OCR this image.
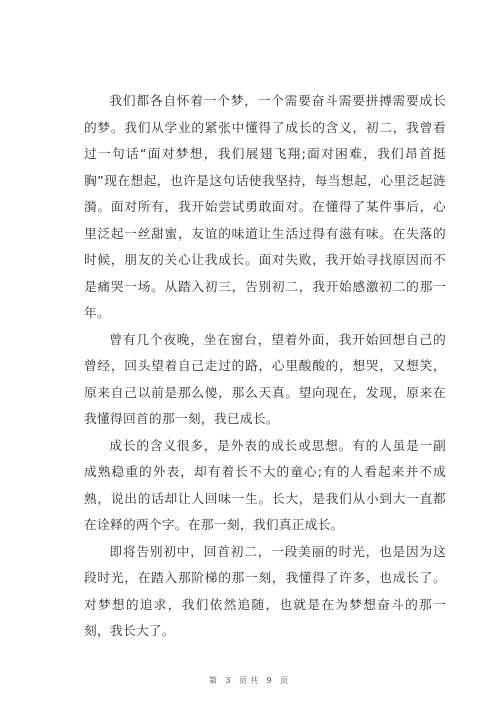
我们都各自怀着一个梦，一个需要奋斗需要拼搏需要成长的梦。我们从学业的紧张中懂得了成长的含义，初二，我曾看过一句话“面对梦想，我们展翅飞翔;面对困难，我们昂首挺胸”现在想起，也许是这句话使我坚持，每当想起，心里泛起涟漪。面对所有，我开始尝试勇敢面对。在懂得了某件事后，心里泛起一丝甜蜜，友谊的味道让生活过得有滋有味。在失落的时候，朋友的关心让我成长。面对失败，我开始寻找原因而不是痛哭一场。从踏入初三，告别初二，我开始感激初二的那一年。

曾有几个夜晚，坐在窗台，望着外面，我开始回想自己的曾经，回头望着自己走过的路，心里酸酸的，想哭，又想笑，原来自己以前是那么傻，那么天真。望向现在，发现，原来在我懂得回首的那一刻，我已成长。

成长的含义很多，是外表的成长或思想。有的人虽是一副成熟稳重的外表，却有着长不大的童心;有的人看起来并不成熟，说出的话却让人回味一生。长大，是我们从小到大一直都在诠释的两个字。在那一刻，我们真正成长。

即将告别初中，回首初二，一段美丽的时光，也是因为这段时光，在踏入那阶梯的那一刻，我懂得了许多，也成长了。对梦想的追求，我们依然追随，也就是在为梦想奋斗的那一刻，我长大了。

第 3 页共 9 页
